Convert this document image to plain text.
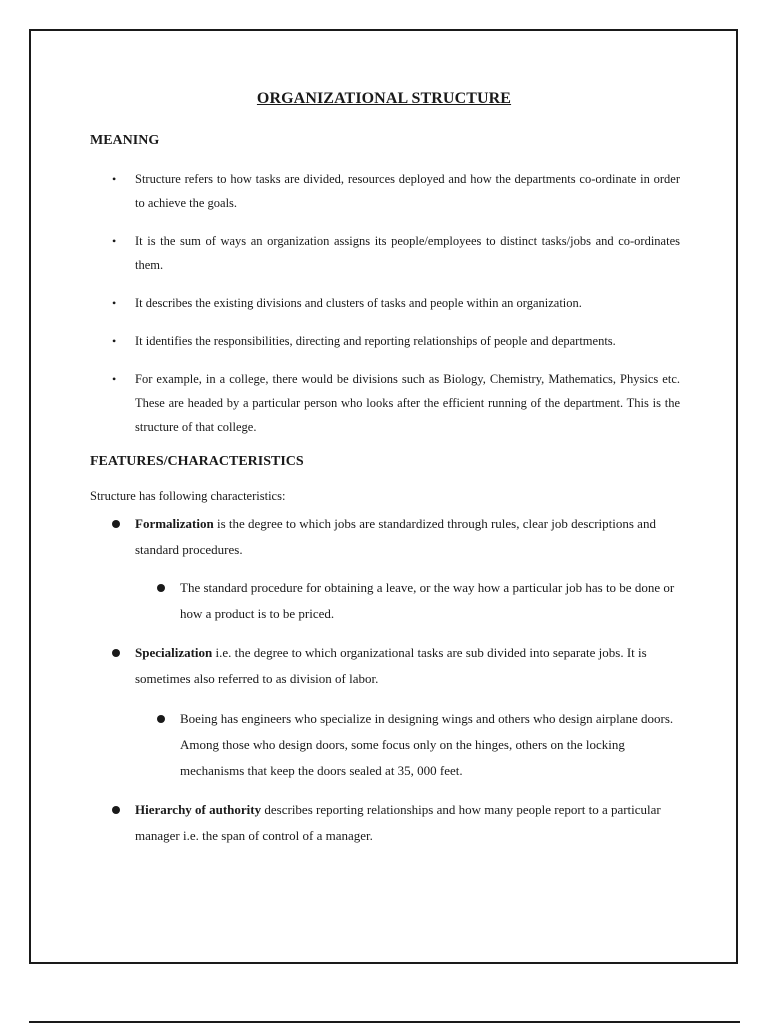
ORGANIZATIONAL STRUCTURE
MEANING
• Structure refers to how tasks are divided, resources deployed and how the departments co-ordinate in order to achieve the goals.
• It is the sum of ways an organization assigns its people/employees to distinct tasks/jobs and co-ordinates them.
• It describes the existing divisions and clusters of tasks and people within an organization.
• It identifies the responsibilities, directing and reporting relationships of people and departments.
• For example, in a college, there would be divisions such as Biology, Chemistry, Mathematics, Physics etc. These are headed by a particular person who looks after the efficient running of the department. This is the structure of that college.
FEATURES/CHARACTERISTICS
Structure has following characteristics:
Formalization is the degree to which jobs are standardized through rules, clear job descriptions and standard procedures.
The standard procedure for obtaining a leave, or the way how a particular job has to be done or how a product is to be priced.
Specialization i.e. the degree to which organizational tasks are sub divided into separate jobs. It is sometimes also referred to as division of labor.
Boeing has engineers who specialize in designing wings and others who design airplane doors. Among those who design doors, some focus only on the hinges, others on the locking mechanisms that keep the doors sealed at 35, 000 feet.
Hierarchy of authority describes reporting relationships and how many people report to a particular manager i.e. the span of control of a manager.
